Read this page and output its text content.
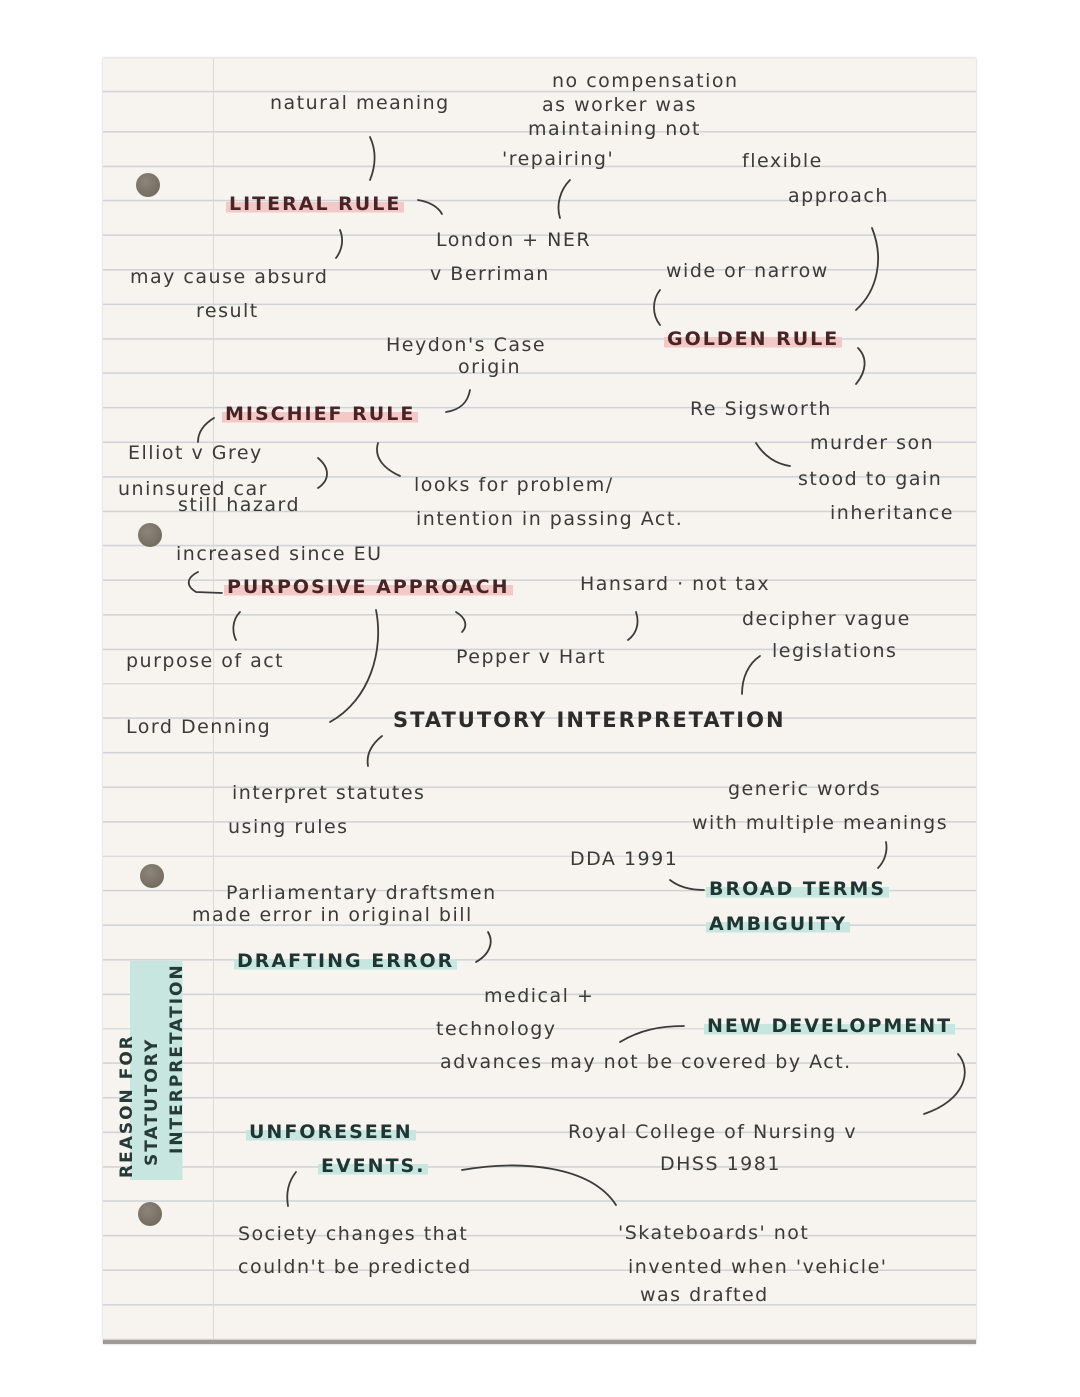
natural meaning
no compensation
as worker was
maintaining not
'repairing'
LITERAL RULE
London + NER
v Berriman
may cause absurd
result
flexible
approach
wide or narrow
GOLDEN RULE
Re Sigsworth
murder son
stood to gain
inheritance
Heydon's Case
origin
MISCHIEF RULE
Elliot v Grey
uninsured car
still hazard
looks for problem/
intention in passing Act.
increased since EU
PURPOSIVE APPROACH	Hansard · not tax
decipher vague
legislations
Pepper v Hart
purpose of act
Lord Denning	STATUTORY INTERPRETATION
interpret statutes
using rules
generic words
with multiple meanings
DDA 1991
BROAD TERMS
AMBIGUITY
Parliamentary draftsmen
made error in original bill
DRAFTING ERROR
medical +
technology	NEW DEVELOPMENT
advances may not be covered by Act.
UNFORESEEN
EVENTS.
Royal College of Nursing v
DHSS 1981
Society changes that
couldn't be predicted
'Skateboards' not
invented when 'vehicle'
was drafted
REASON FOR STATUTORY INTERPRETATION
